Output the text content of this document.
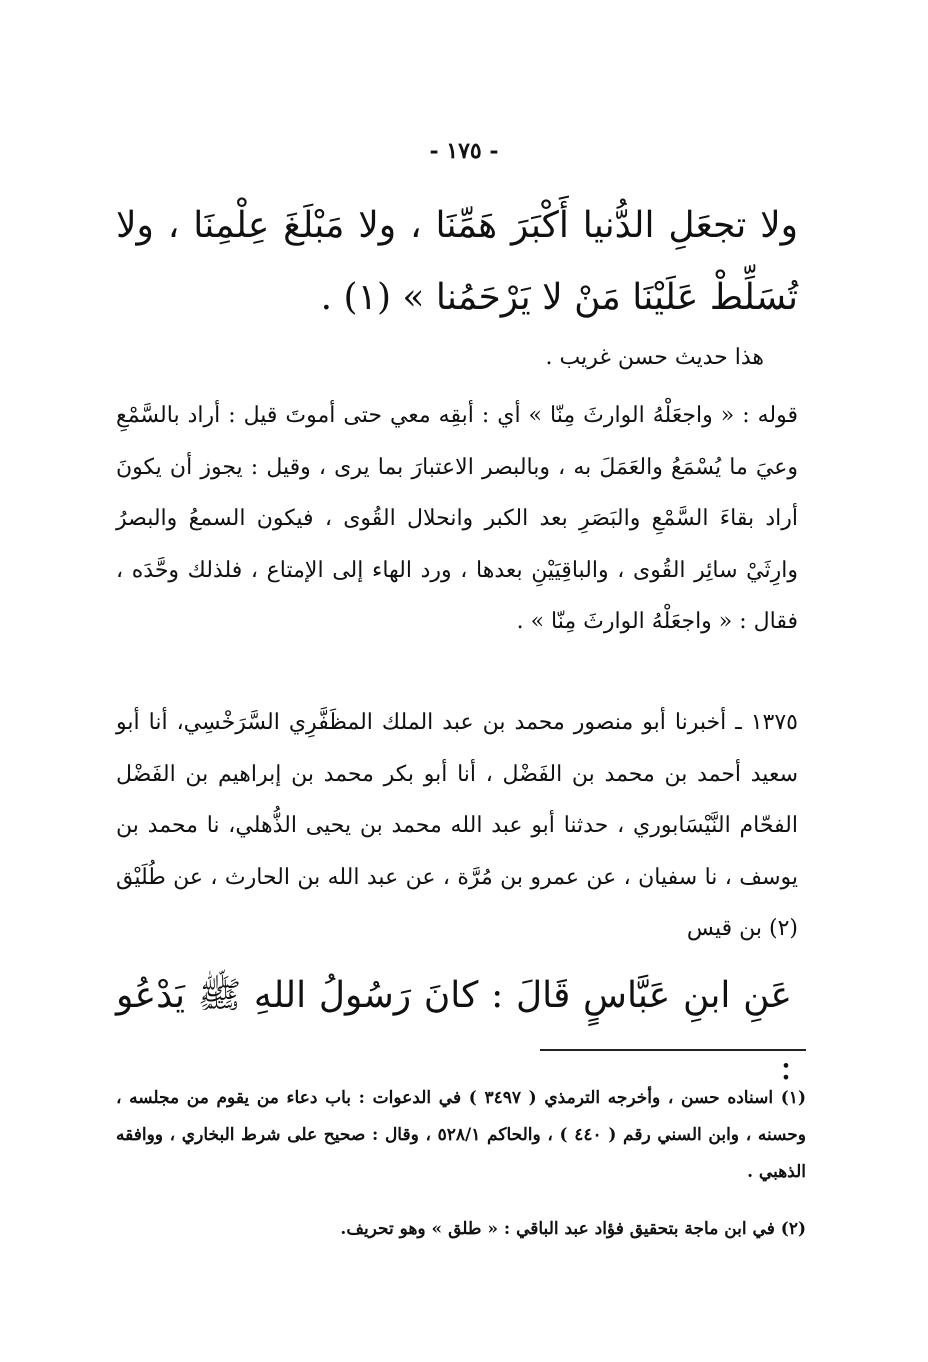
- ١٧٥ -

ولا تجعَلِ الدُّنيا أَكْبَرَ هَمِّنَا ، ولا مَبْلَغَ عِلْمِنَا ، ولا تُسَلِّطْ عَلَيْنَا مَنْ لا يَرْحَمُنا » (١) .

هذا حديث حسن غريب .

قوله : « واجعَلْهُ الوارثَ مِنّا » أي : أبقِه معي حتى أموتَ قيل : أراد بالسَّمْعِ وعيَ ما يُسْمَعُ والعَمَلَ به ، وبالبصر الاعتبارَ بما يرى ، وقيل : يجوز أن يكونَ أراد بقاءَ السَّمْعِ والبَصَرِ بعد الكبر وانحلال القُوى ، فيكون السمعُ والبصرُ وارِثَيْ سائِر القُوى ، والباقِيَيْنِ بعدها ، ورد الهاء إلى الإمتاع ، فلذلك وحَّدَه ، فقال : « واجعَلْهُ الوارثَ مِنّا » .

١٣٧٥ ـ أخبرنا أبو منصور محمد بن عبد الملك المظَفَّرِي السَّرَخْسِي، أنا أبو سعيد أحمد بن محمد بن الفَضْل ، أنا أبو بكر محمد بن إبراهيم بن الفَضْل الفحّام النَّيْسَابوري ، حدثنا أبو عبد الله محمد بن يحيى الذُّهلي، نا محمد بن يوسف ، نا سفيان ، عن عمرو بن مُرَّة ، عن عبد الله بن الحارث ، عن طُلَيْق (٢) بن قيس

عَنِ ابنِ عَبَّاسٍ قَالَ : كانَ رَسُولُ اللهِ ﷺ يَدْعُو :

(١) اسناده حسن ، وأخرجه الترمذي ( ٣٤٩٧ ) في الدعوات : باب دعاء من يقوم من مجلسه ، وحسنه ، وابن السني رقم ( ٤٤٠ ) ، والحاكم ٥٢٨/١ ، وقال : صحيح على شرط البخاري ، ووافقه الذهبي .

(٢) في ابن ماجة بتحقيق فؤاد عبد الباقي : « طلق » وهو تحريف.
